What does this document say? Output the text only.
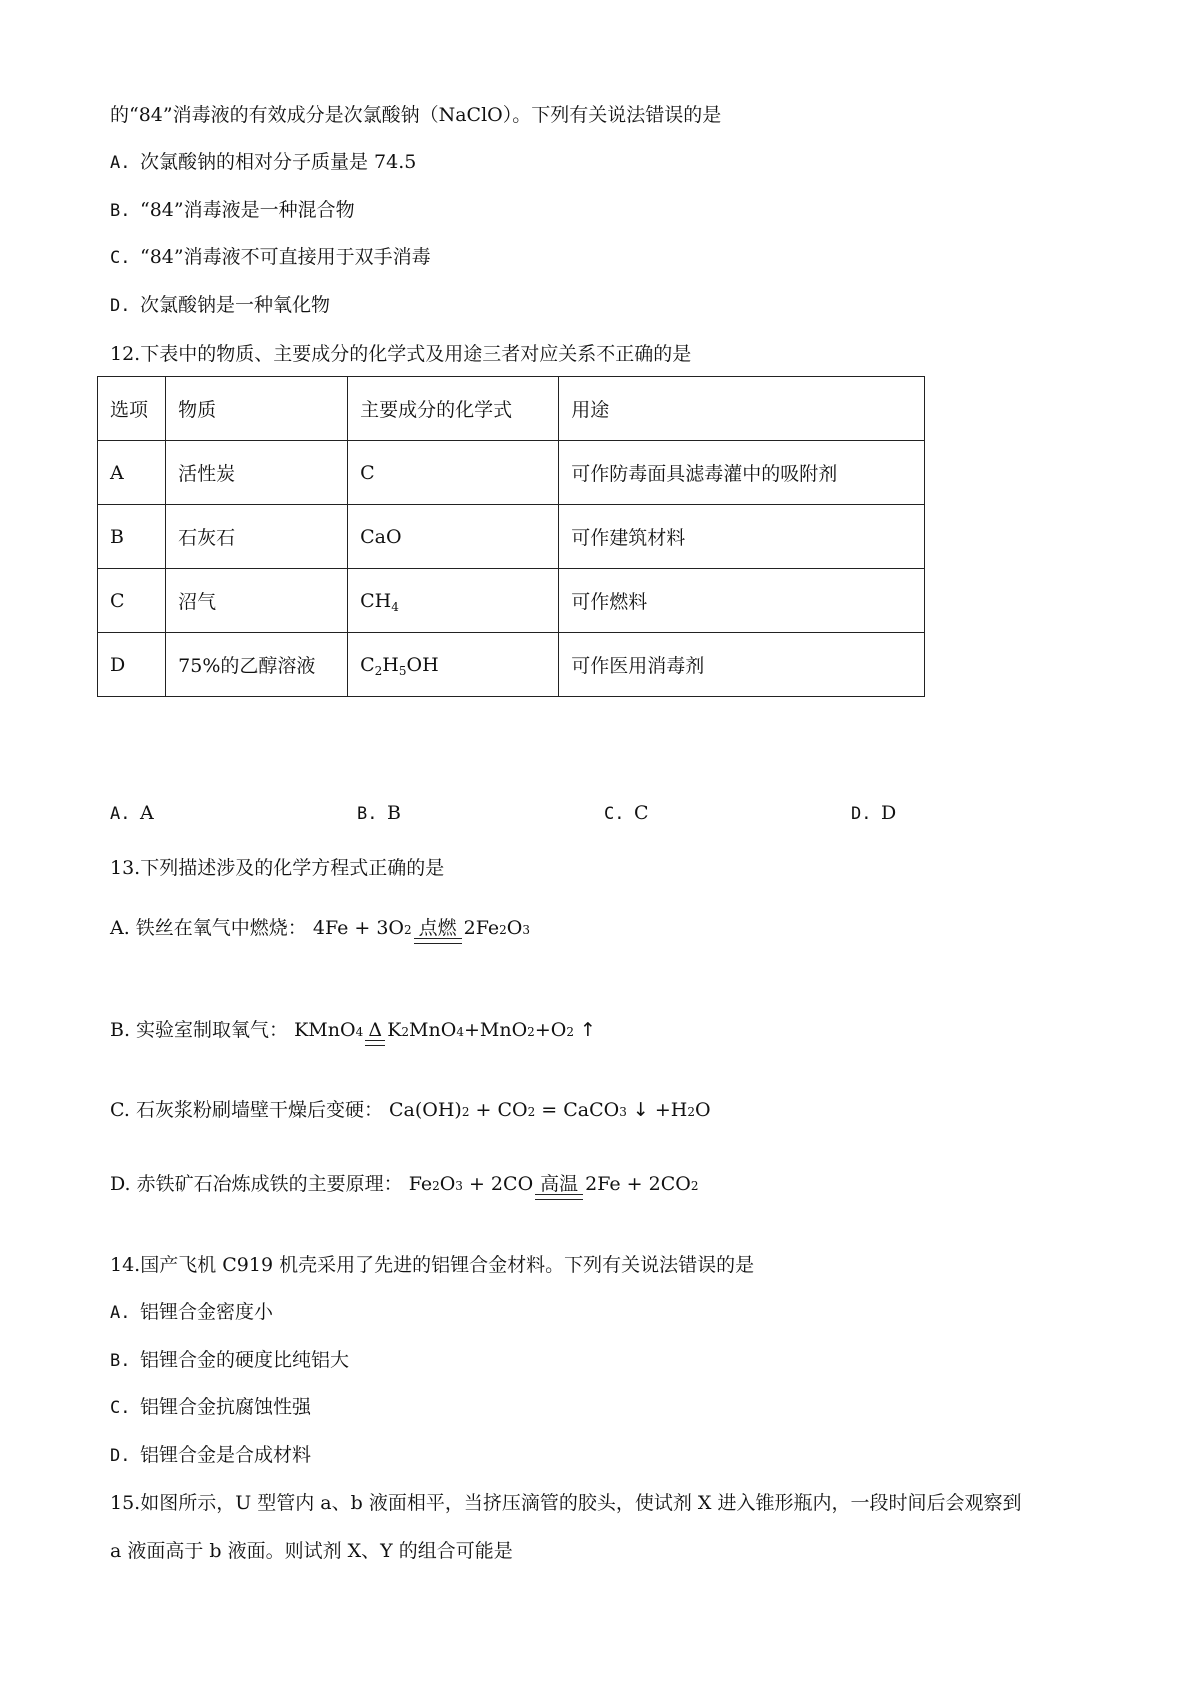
的“84”消毒液的有效成分是次氯酸钠（NaClO）。下列有关说法错误的是
A. 次氯酸钠的相对分子质量是 74.5
B. “84”消毒液是一种混合物
C. “84”消毒液不可直接用于双手消毒
D. 次氯酸钠是一种氧化物
12.下表中的物质、主要成分的化学式及用途三者对应关系不正确的是
选项	物质	主要成分的化学式	用途
A	活性炭	C	可作防毒面具滤毒灌中的吸附剂
B	石灰石	CaO	可作建筑材料
C	沼气	$CH_4$	可作燃料
D	75%的乙醇溶液	$C_2H_5OH$	可作医用消毒剂
A. A	B. B	C. C	D. D
13.下列描述涉及的化学方程式正确的是
A. 铁丝在氧气中燃烧： 4Fe + 3O 2 点燃 2Fe 2 O 3
B. 实验室制取氧气： KMnO 4 Δ K 2 MnO 4 +MnO 2 +O 2
↑
C. 石灰浆粉刷墙壁干燥后变硬： Ca(OH) 2 + CO 2 = CaCO 3
↓ +H 2 O
D. 赤铁矿石冶炼成铁的主要原理： Fe 2 O 3 + 2CO 高温 2Fe + 2CO 2
14.国产飞机 C919 机壳采用了先进的铝锂合金材料。下列有关说法错误的是
A. 铝锂合金密度小
B. 铝锂合金的硬度比纯铝大
C. 铝锂合金抗腐蚀性强
D. 铝锂合金是合成材料
15.如图所示，U 型管内 a、b 液面相平，当挤压滴管的胶头，使试剂 X 进入锥形瓶内，一段时间后会观察到
a 液面高于 b 液面。则试剂 X、Y 的组合可能是
